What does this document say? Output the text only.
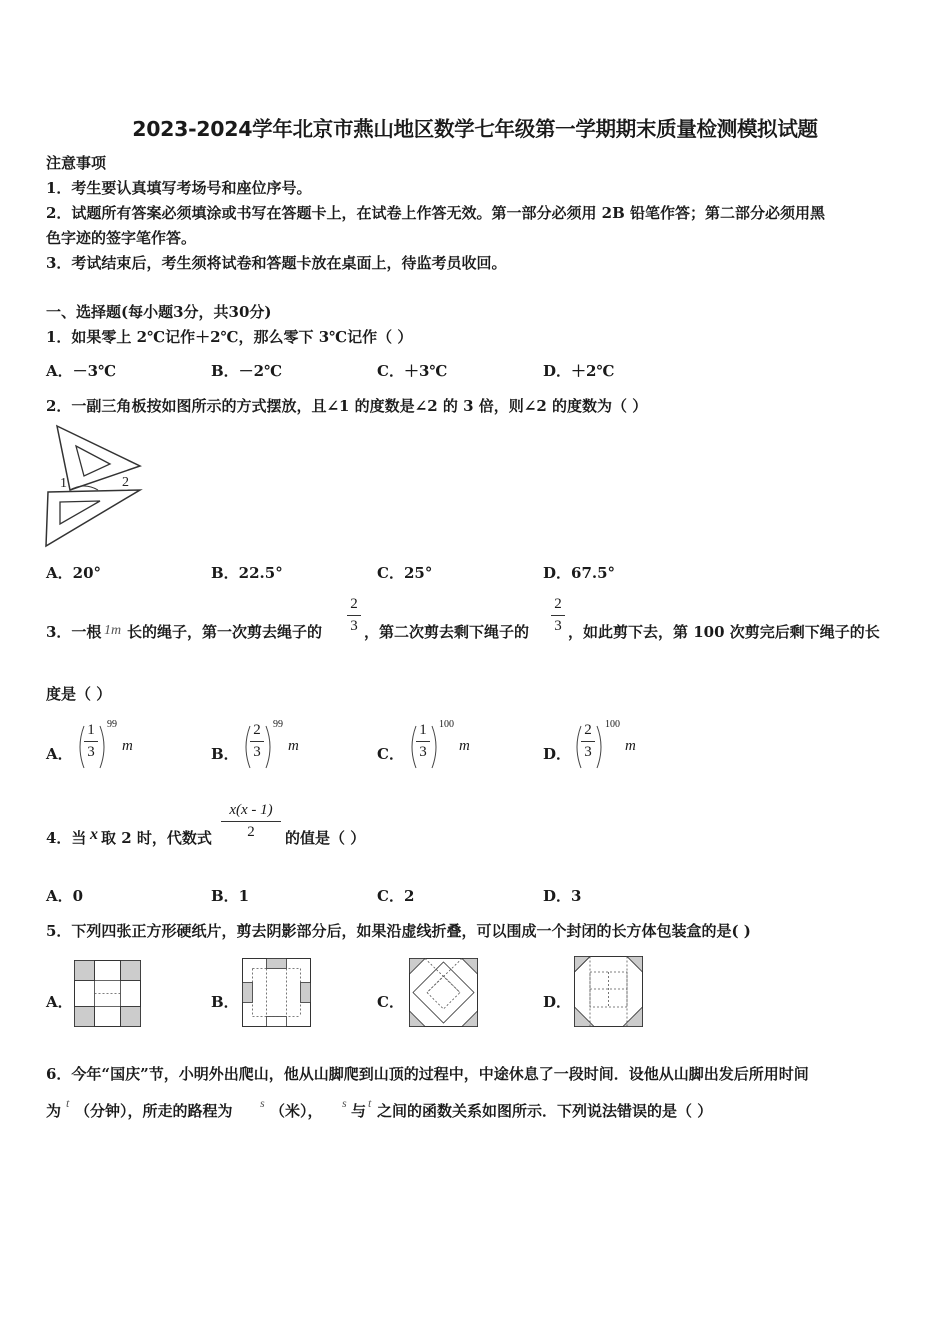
2023-2024学年北京市燕山地区数学七年级第一学期期末质量检测模拟试题
注意事项
1．考生要认真填写考场号和座位序号。
2．试题所有答案必须填涂或书写在答题卡上，在试卷上作答无效。第一部分必须用 2B 铅笔作答；第二部分必须用黑
色字迹的签字笔作答。
3．考试结束后，考生须将试卷和答题卡放在桌面上，待监考员收回。
一、选择题(每小题3分，共30分)
1．如果零上 2℃记作＋2℃，那么零下 3℃记作（ ）
A．－3℃	B．－2℃	C．＋3℃	D．＋2℃
2．一副三角板按如图所示的方式摆放，且∠1 的度数是∠2 的 3 倍，则∠2 的度数为（ ）
1	2
A．20°	B．22.5°	C．25°	D．67.5°
3．一根 1m 长的绳子，第一次剪去绳子的
2
3 ，第二次剪去剩下绳子的
2
3 ，如此剪下去，第 100 次剪完后剩下绳子的长
度是（ ）
A．
1
3
99
m	B．
2
3
99
m	C．
1
3
100
m	D．
2
3
100
m
4．当 x 取 2 时，代数式
x(x - 1)
2	的值是（ ）
A．0	B．1	C．2	D．3
5．下列四张正方形硬纸片，剪去阴影部分后，如果沿虚线折叠，可以围成一个封闭的长方体包装盒的是( )
A．	B．	C．	D．
6．今年“国庆”节，小明外出爬山，他从山脚爬到山顶的过程中，中途休息了一段时间．设他从山脚出发后所用时间
为 t （分钟），所走的路程为 s （米）， s 与 t 之间的函数关系如图所示．下列说法错误的是（ ）
